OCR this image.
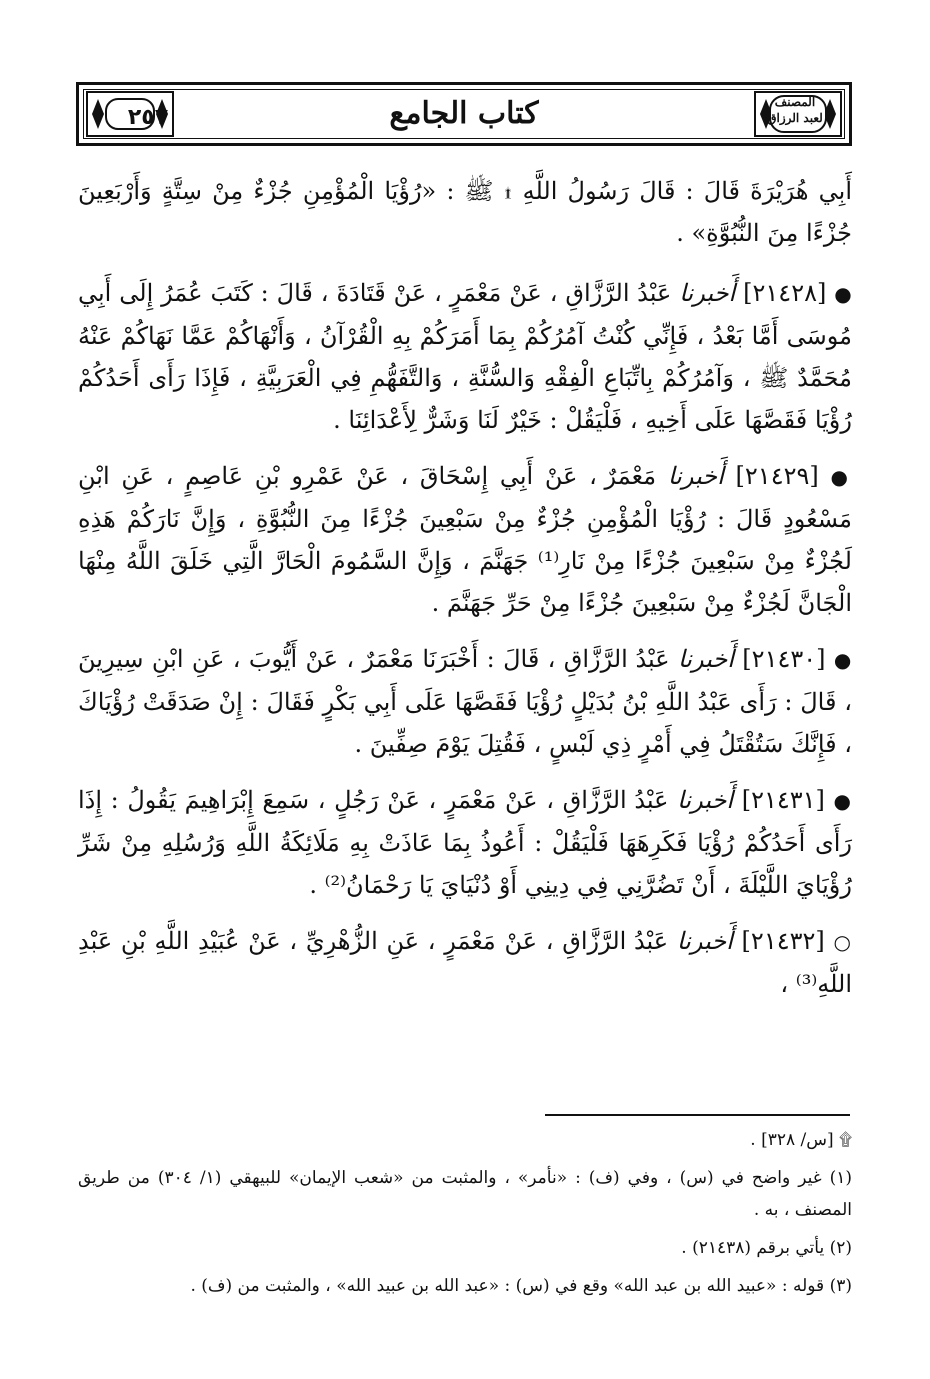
٢٥٧	كتاب الجامع	المصنف
لعبد الرزاق

أَبِي هُرَيْرَةَ قَالَ : قَالَ رَسُولُ اللَّهِ ۩ ﷺ : «رُؤْيَا الْمُؤْمِنِ جُزْءٌ مِنْ سِتَّةٍ وَأَرْبَعِينَ جُزْءًا مِنَ النُّبُوَّةِ» .

● [٢١٤٢٨] أَخبرنا عَبْدُ الرَّزَّاقِ ، عَنْ مَعْمَرٍ ، عَنْ قَتَادَةَ ، قَالَ : كَتَبَ عُمَرُ إِلَى أَبِي مُوسَى أَمَّا بَعْدُ ، فَإِنِّي كُنْتُ آمُرُكُمْ بِمَا أَمَرَكُمْ بِهِ الْقُرْآنُ ، وَأَنْهَاكُمْ عَمَّا نَهَاكُمْ عَنْهُ مُحَمَّدٌ ﷺ ، وَآمُرُكُمْ بِاتِّبَاعِ الْفِقْهِ وَالسُّنَّةِ ، وَالتَّفَهُّمِ فِي الْعَرَبِيَّةِ ، فَإِذَا رَأَى أَحَدُكُمْ رُؤْيَا فَقَصَّهَا عَلَى أَخِيهِ ، فَلْيَقُلْ : خَيْرٌ لَنَا وَشَرٌّ لِأَعْدَائِنَا .

● [٢١٤٢٩] أَخبرنا مَعْمَرٌ ، عَنْ أَبِي إِسْحَاقَ ، عَنْ عَمْرِو بْنِ عَاصِمٍ ، عَنِ ابْنِ مَسْعُودٍ قَالَ : رُؤْيَا الْمُؤْمِنِ جُزْءٌ مِنْ سَبْعِينَ جُزْءًا مِنَ النُّبُوَّةِ ، وَإِنَّ نَارَكُمْ هَذِهِ لَجُزْءٌ مِنْ سَبْعِينَ جُزْءًا مِنْ نَارِ⁽¹⁾ جَهَنَّمَ ، وَإِنَّ السَّمُومَ الْحَارَّ الَّتِي خَلَقَ اللَّهُ مِنْهَا الْجَانَّ لَجُزْءٌ مِنْ سَبْعِينَ جُزْءًا مِنْ حَرِّ جَهَنَّمَ .

● [٢١٤٣٠] أَخبرنا عَبْدُ الرَّزَّاقِ ، قَالَ : أَخْبَرَنَا مَعْمَرٌ ، عَنْ أَيُّوبَ ، عَنِ ابْنِ سِيرِينَ ، قَالَ : رَأَى عَبْدُ اللَّهِ بْنُ بُدَيْلٍ رُؤْيَا فَقَصَّهَا عَلَى أَبِي بَكْرٍ فَقَالَ : إِنْ صَدَقَتْ رُؤْيَاكَ ، فَإِنَّكَ سَتُقْتَلُ فِي أَمْرٍ ذِي لَبْسٍ ، فَقُتِلَ يَوْمَ صِفِّينَ .

● [٢١٤٣١] أَخبرنا عَبْدُ الرَّزَّاقِ ، عَنْ مَعْمَرٍ ، عَنْ رَجُلٍ ، سَمِعَ إِبْرَاهِيمَ يَقُولُ : إِذَا رَأَى أَحَدُكُمْ رُؤْيَا فَكَرِهَهَا فَلْيَقُلْ : أَعُوذُ بِمَا عَاذَتْ بِهِ مَلَائِكَةُ اللَّهِ وَرُسُلِهِ مِنْ شَرِّ رُؤْيَايَ اللَّيْلَةَ ، أَنْ تَضُرَّنِي فِي دِينِي أَوْ دُنْيَايَ يَا رَحْمَانُ⁽²⁾ .

○ [٢١٤٣٢] أَخبرنا عَبْدُ الرَّزَّاقِ ، عَنْ مَعْمَرٍ ، عَنِ الزُّهْرِيِّ ، عَنْ عُبَيْدِ اللَّهِ بْنِ عَبْدِ اللَّهِ⁽³⁾ ،

۩ [س/ ٣٢٨] .

(١) غير واضح في (س) ، وفي (ف) : «نأمر» ، والمثبت من «شعب الإيمان» للبيهقي (١/ ٣٠٤) من طريق المصنف ، به .

(٢) يأتي برقم (٢١٤٣٨) .

(٣) قوله : «عبيد الله بن عبد الله» وقع في (س) : «عبد الله بن عبيد الله» ، والمثبت من (ف) .
